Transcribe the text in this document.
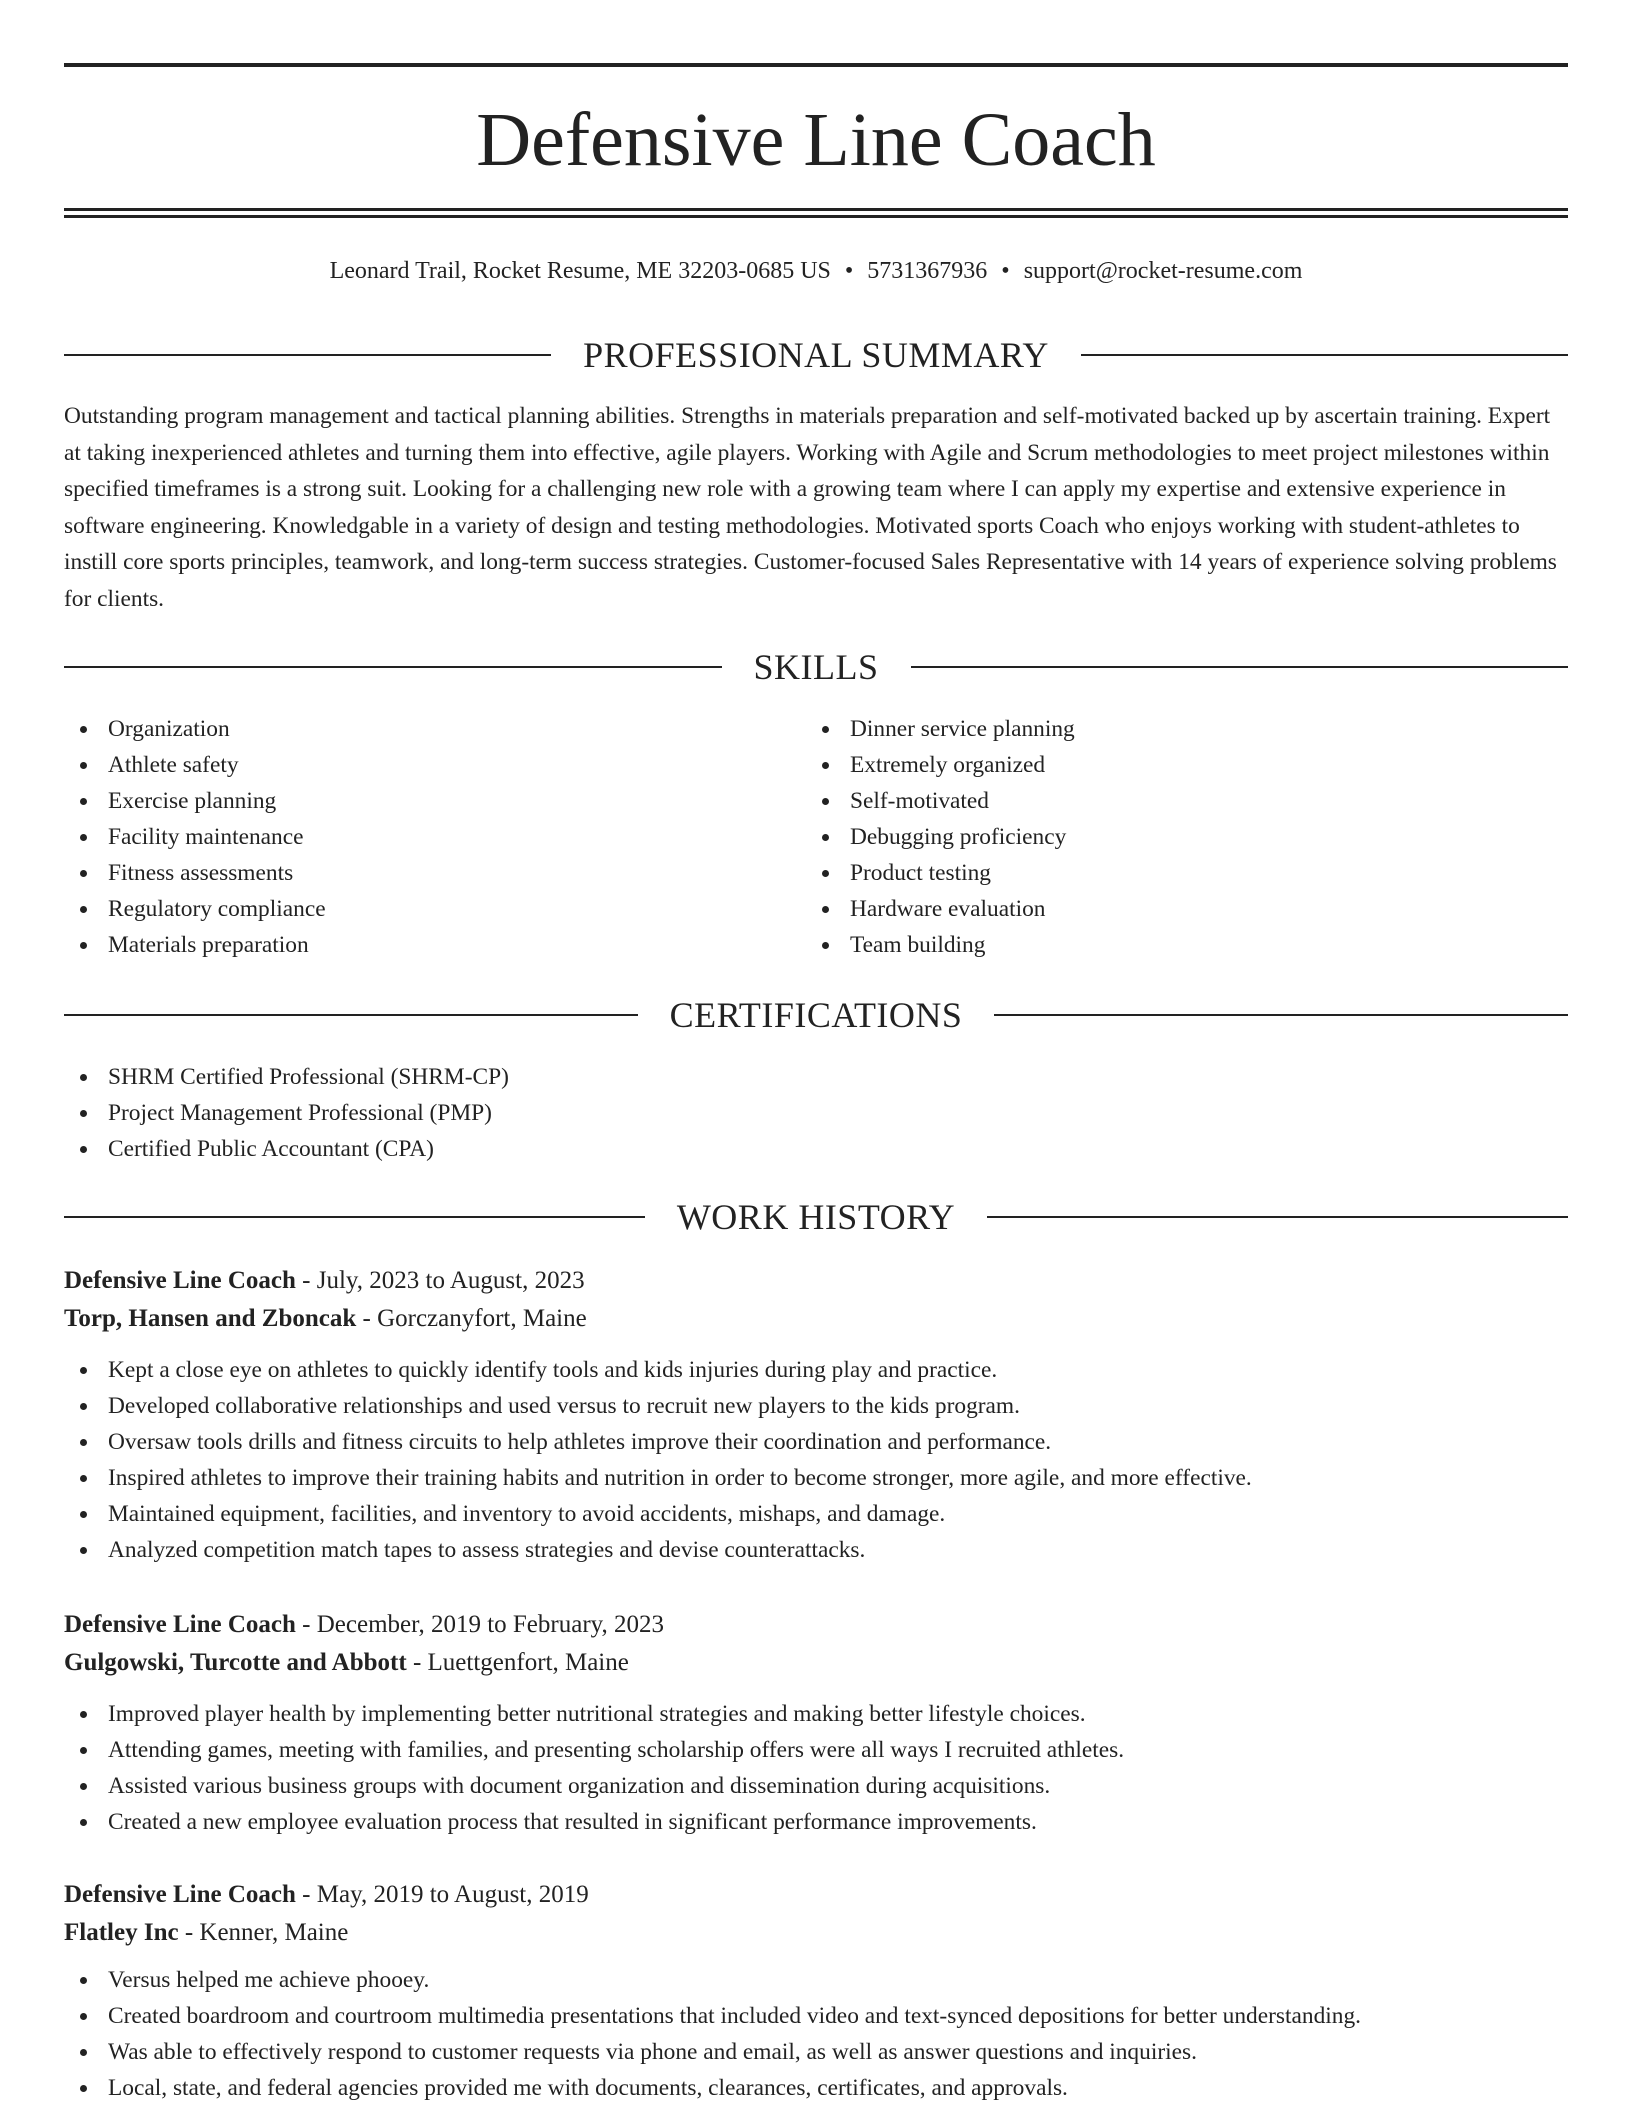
Defensive Line Coach
Leonard Trail, Rocket Resume, ME 32203-0685 US • 5731367936 • support@rocket-resume.com
PROFESSIONAL SUMMARY

Outstanding program management and tactical planning abilities. Strengths in materials preparation and self-motivated backed up by ascertain training. Expert at taking inexperienced athletes and turning them into effective, agile players. Working with Agile and Scrum methodologies to meet project milestones within specified timeframes is a strong suit. Looking for a challenging new role with a growing team where I can apply my expertise and extensive experience in software engineering. Knowledgable in a variety of design and testing methodologies. Motivated sports Coach who enjoys working with student-athletes to instill core sports principles, teamwork, and long-term success strategies. Customer-focused Sales Representative with 14 years of experience solving problems for clients.

SKILLS
Organization
Athlete safety
Exercise planning
Facility maintenance
Fitness assessments
Regulatory compliance
Materials preparation
Dinner service planning
Extremely organized
Self-motivated
Debugging proficiency
Product testing
Hardware evaluation
Team building
CERTIFICATIONS
SHRM Certified Professional (SHRM-CP)
Project Management Professional (PMP)
Certified Public Accountant (CPA)
WORK HISTORY
Defensive Line Coach - July, 2023 to August, 2023
Torp, Hansen and Zboncak - Gorczanyfort, Maine
Kept a close eye on athletes to quickly identify tools and kids injuries during play and practice.
Developed collaborative relationships and used versus to recruit new players to the kids program.
Oversaw tools drills and fitness circuits to help athletes improve their coordination and performance.
Inspired athletes to improve their training habits and nutrition in order to become stronger, more agile, and more effective.
Maintained equipment, facilities, and inventory to avoid accidents, mishaps, and damage.
Analyzed competition match tapes to assess strategies and devise counterattacks.
Defensive Line Coach - December, 2019 to February, 2023
Gulgowski, Turcotte and Abbott - Luettgenfort, Maine
Improved player health by implementing better nutritional strategies and making better lifestyle choices.
Attending games, meeting with families, and presenting scholarship offers were all ways I recruited athletes.
Assisted various business groups with document organization and dissemination during acquisitions.
Created a new employee evaluation process that resulted in significant performance improvements.
Defensive Line Coach - May, 2019 to August, 2019
Flatley Inc - Kenner, Maine
Versus helped me achieve phooey.
Created boardroom and courtroom multimedia presentations that included video and text-synced depositions for better understanding.
Was able to effectively respond to customer requests via phone and email, as well as answer questions and inquiries.
Local, state, and federal agencies provided me with documents, clearances, certificates, and approvals.
